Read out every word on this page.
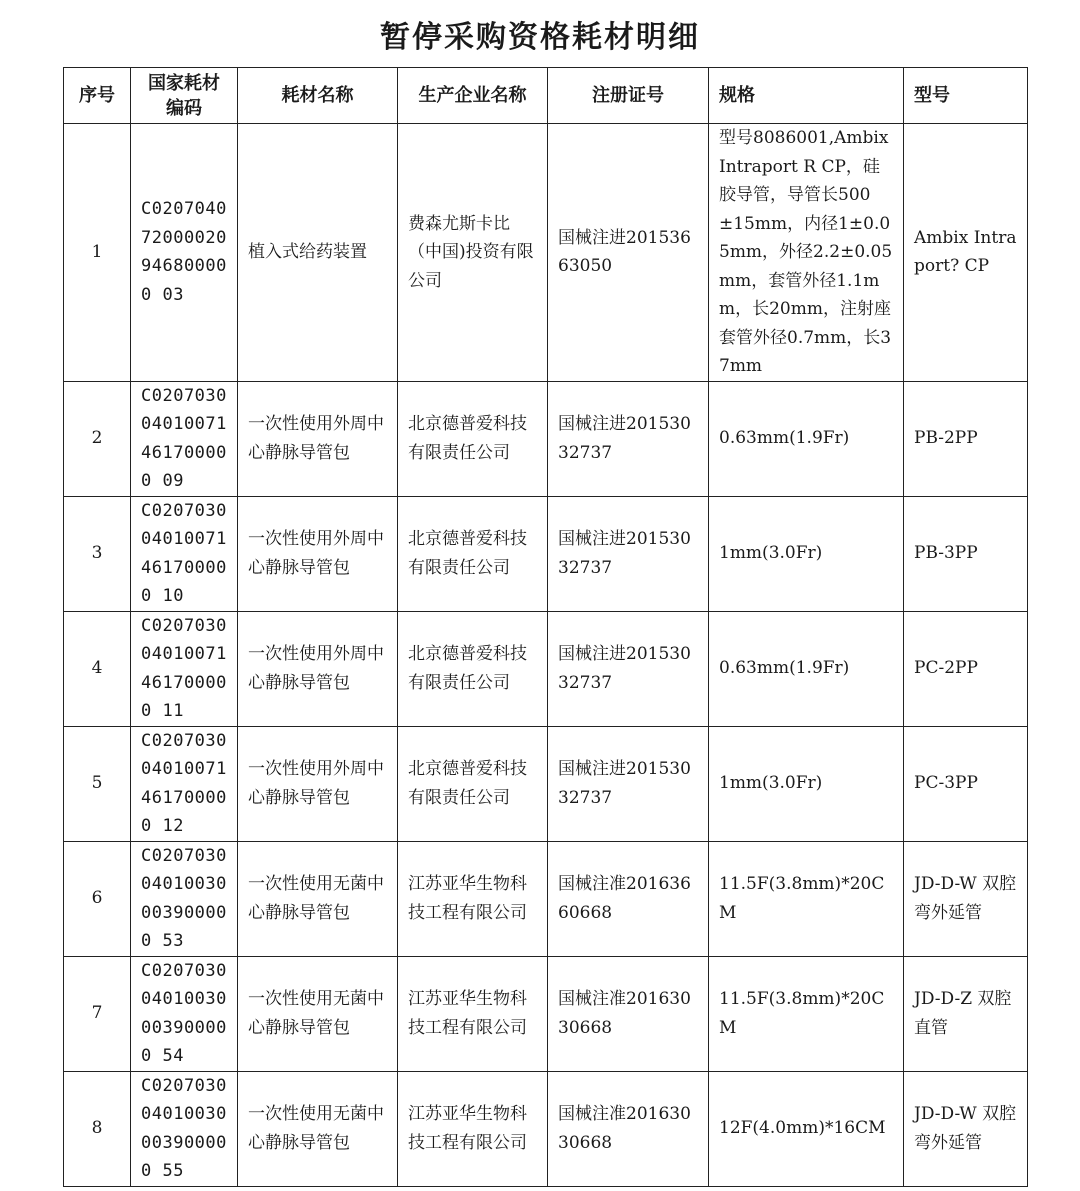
暂停采购资格耗材明细
序号	国家耗材编码	耗材名称	生产企业名称	注册证号	规格	型号
1	C020704072000020946800000 03	植入式给药装置	费森尤斯卡比（中国)投资有限公司	国械注进20153663050	型号8086001,Ambix Intraport R CP，硅胶导管，导管长500±15mm，内径1±0.05mm，外径2.2±0.05mm，套管外径1.1mm，长20mm，注射座套管外径0.7mm，长37mm	Ambix Intraport? CP
2	C020703004010071461700000 09	一次性使用外周中心静脉导管包	北京德普爱科技有限责任公司	国械注进20153032737	0.63mm(1.9Fr)	PB-2PP
3	C020703004010071461700000 10	一次性使用外周中心静脉导管包	北京德普爱科技有限责任公司	国械注进20153032737	1mm(3.0Fr)	PB-3PP
4	C020703004010071461700000 11	一次性使用外周中心静脉导管包	北京德普爱科技有限责任公司	国械注进20153032737	0.63mm(1.9Fr)	PC-2PP
5	C020703004010071461700000 12	一次性使用外周中心静脉导管包	北京德普爱科技有限责任公司	国械注进20153032737	1mm(3.0Fr)	PC-3PP
6	C020703004010030003900000 53	一次性使用无菌中心静脉导管包	江苏亚华生物科技工程有限公司	国械注准20163660668	11.5F(3.8mm)*20CM	JD-D-W 双腔 弯外延管
7	C020703004010030003900000 54	一次性使用无菌中心静脉导管包	江苏亚华生物科技工程有限公司	国械注准20163030668	11.5F(3.8mm)*20CM	JD-D-Z 双腔直管
8	C020703004010030003900000 55	一次性使用无菌中心静脉导管包	江苏亚华生物科技工程有限公司	国械注准20163030668	12F(4.0mm)*16CM	JD-D-W 双腔 弯外延管
